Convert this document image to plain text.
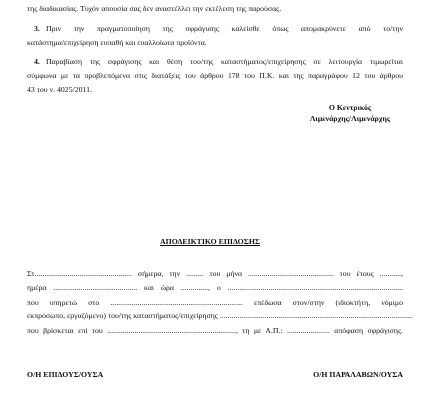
της διαδικασίας. Τυχόν απουσία σας δεν αναστέλλει την εκτέλεση της παρούσας.
3. Πριν την πραγματοποίηση της σφράγισης καλείσθε όπως απομακρύνετε από το/την
κατάστημα/επιχείρηση ευπαθή και ευαλλοίωτα προϊόντα.
4. Παραβίαση της σφράγισης και θέση του/της καταστήματος/επιχείρησης σε λειτουργία τιμωρείται
σύμφωνα με τα προβλεπόμενα στις διατάξεις του άρθρου 178 του Π.Κ. και της παραγράφου 12 του άρθρου
43 του ν. 4025/2011.
Ο Κεντρικός
Λιμενάρχης/Λιμενάρχης
ΑΠΟΔΕΙΚΤΙΚΟ ΕΠΙΔΟΣΗΣ
Στ.................................................. σήμερα, την ......... του μήνα ............................................ του έτους ...........,
ημέρα ........................................... και ώρα .............., ο ..........................................................................................
που υπηρετώ στο .................................................................... επέδωσα στον/στην (ιδιοκτήτη, νόμιμο
εκπρόσωπο, εργαζόμενο) του/της καταστήματος/επιχείρησης ...................................................................................................
που βρίσκεται επί του .................................................................., τη με Α.Π.: ...................... απόφαση σφράγισης.
Ο/Η ΕΠΙΔΟΥΣ/ΟΥΣΑ	Ο/Η ΠΑΡΑΛΑΒΩΝ/ΟΥΣΑ
